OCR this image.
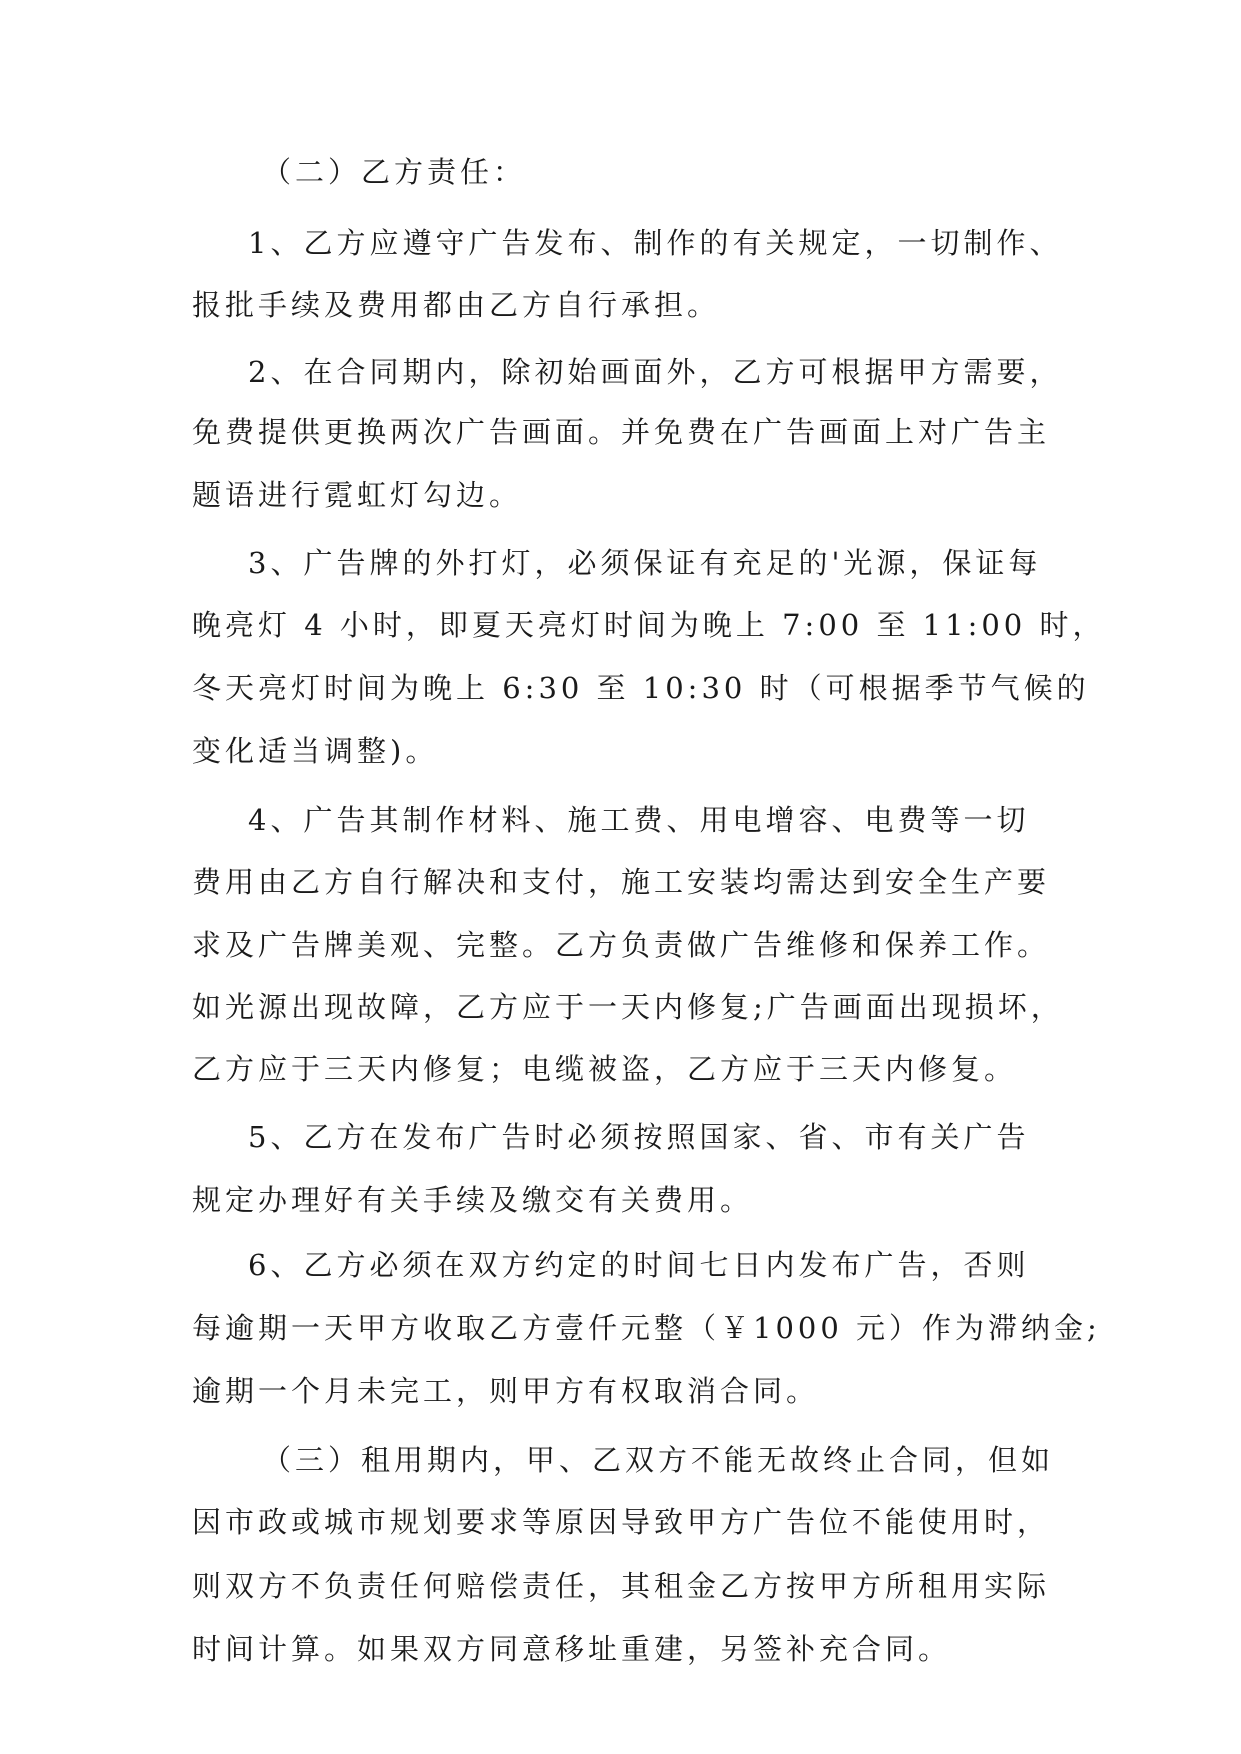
（二）乙方责任：
1、乙方应遵守广告发布、制作的有关规定，一切制作、
报批手续及费用都由乙方自行承担。
2、在合同期内，除初始画面外，乙方可根据甲方需要，
免费提供更换两次广告画面。并免费在广告画面上对广告主
题语进行霓虹灯勾边。
3、广告牌的外打灯，必须保证有充足的'光源，保证每
晚亮灯 4 小时，即夏天亮灯时间为晚上 7:00 至 11:00 时，
冬天亮灯时间为晚上 6:30 至 10:30 时（可根据季节气候的
变化适当调整)。
4、广告其制作材料、施工费、用电增容、电费等一切
费用由乙方自行解决和支付，施工安装均需达到安全生产要
求及广告牌美观、完整。乙方负责做广告维修和保养工作。
如光源出现故障，乙方应于一天内修复;广告画面出现损坏，
乙方应于三天内修复；电缆被盗，乙方应于三天内修复。
5、乙方在发布广告时必须按照国家、省、市有关广告
规定办理好有关手续及缴交有关费用。
6、乙方必须在双方约定的时间七日内发布广告，否则
每逾期一天甲方收取乙方壹仟元整（￥1000 元）作为滞纳金;
逾期一个月未完工，则甲方有权取消合同。
（三）租用期内，甲、乙双方不能无故终止合同，但如
因市政或城市规划要求等原因导致甲方广告位不能使用时，
则双方不负责任何赔偿责任，其租金乙方按甲方所租用实际
时间计算。如果双方同意移址重建，另签补充合同。
